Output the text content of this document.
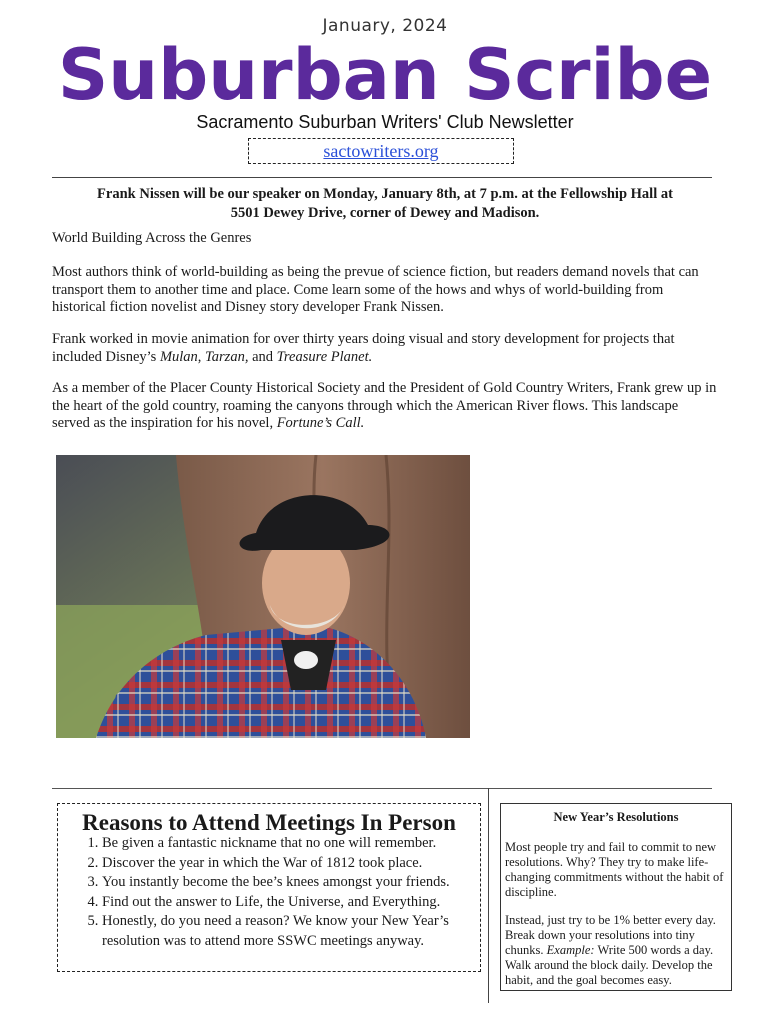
January, 2024
Suburban Scribe
Sacramento Suburban Writers' Club Newsletter
sactowriters.org
Frank Nissen will be our speaker on Monday, January 8th, at 7 p.m. at the Fellowship Hall at
5501 Dewey Drive, corner of Dewey and Madison.
World Building Across the Genres
Most authors think of world-building as being the prevue of science fiction, but readers demand novels that can transport them to another time and place. Come learn some of the hows and whys of world-building from historical fiction novelist and Disney story developer Frank Nissen.
Frank worked in movie animation for over thirty years doing visual and story development for projects that included Disney’s Mulan, Tarzan, and Treasure Planet.
As a member of the Placer County Historical Society and the President of Gold Country Writers, Frank grew up in the heart of the gold country, roaming the canyons through which the American River flows. This landscape served as the inspiration for his novel, Fortune’s Call.
Reasons to Attend Meetings In Person
1. Be given a fantastic nickname that no one will remember.
2. Discover the year in which the War of 1812 took place.
3. You instantly become the bee’s knees amongst your friends.
4. Find out the answer to Life, the Universe, and Everything.
5. Honestly, do you need a reason? We know your New Year’s resolution was to attend more SSWC meetings anyway.
New Year’s Resolutions
Most people try and fail to commit to new resolutions. Why? They try to make life-changing commitments without the habit of discipline.
Instead, just try to be 1% better every day. Break down your resolutions into tiny chunks. Example: Write 500 words a day. Walk around the block daily. Develop the habit, and the goal becomes easy.
